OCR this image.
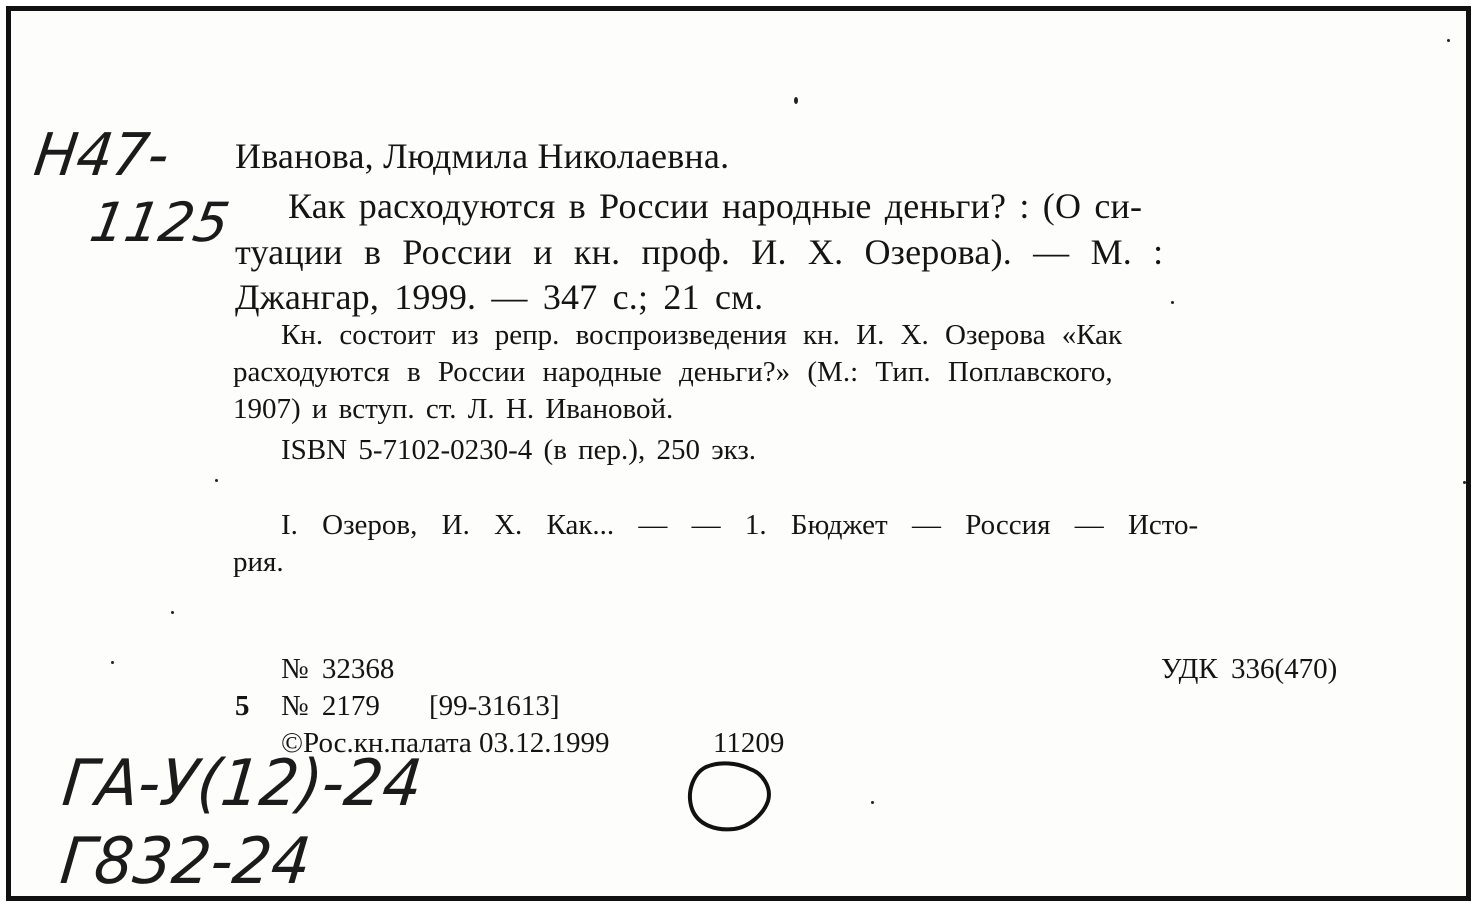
Н47-
1125
Иванова, Людмила Николаевна.
Как расходуются в России народные деньги? : (О си-
туации в России и кн. проф. И. Х. Озерова). — М. :
Джангар, 1999. — 347 с.; 21 см.
Кн. состоит из репр. воспроизведения кн. И. Х. Озерова «Как
расходуются в России народные деньги?» (М.: Тип. Поплавского,
1907) и вступ. ст. Л. Н. Ивановой.
ISBN 5-7102-0230-4 (в пер.), 250 экз.
I. Озеров, И. Х. Как... — — 1. Бюджет — Россия — Исто-
рия.
№ 32368	УДК 336(470)
5 № 2179 [99-31613]
©Рос.кн.палата 03.12.1999	11209
ГА-У(12)-24
Г832-24
